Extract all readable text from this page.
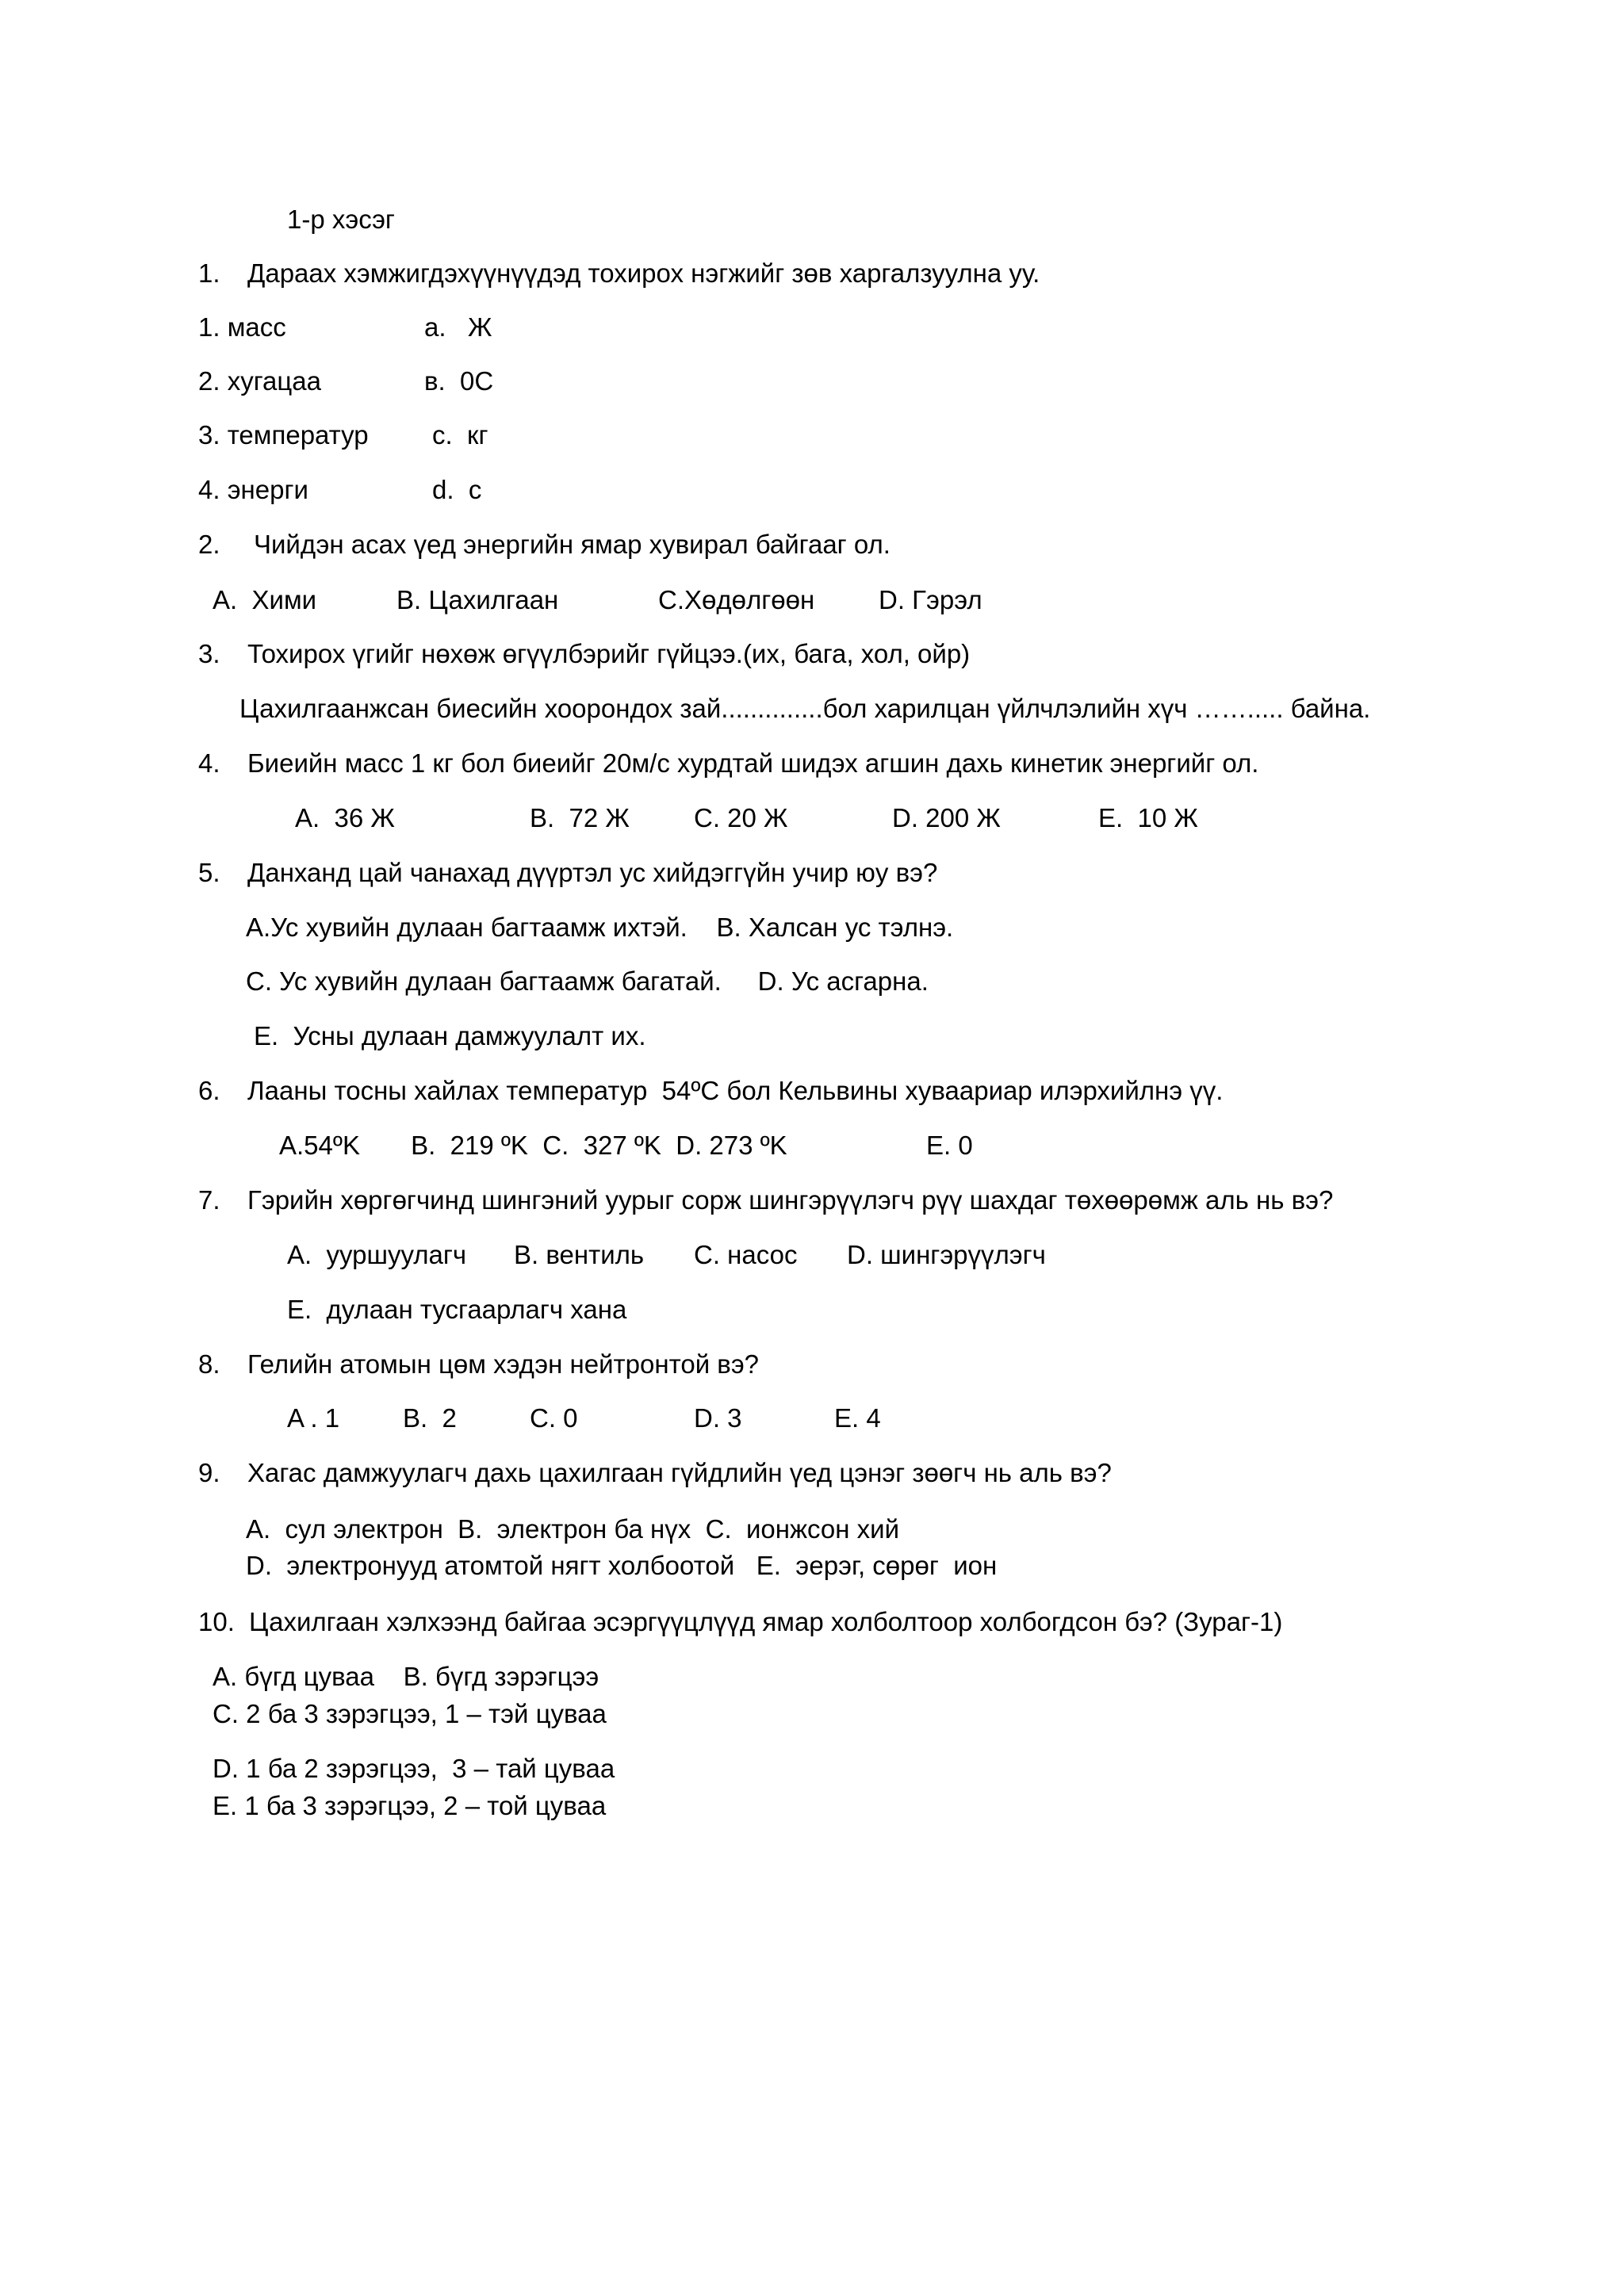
1-р хэсэг
1. Дараах хэмжигдэхүүнүүдэд тохирох нэгжийг зөв харгалзуулна уу.
1. масс	a.   Ж
2. хугацаа	в.  0С
3. температур c.  кг
4. энерги	d.  с
2. Чийдэн асах үед энергийн ямар хувирал байгааг ол.
A.  Хими	B. Цахилгаан	C.Хөдөлгөөн D. Гэрэл
3. Тохирох үгийг нөхөж өгүүлбэрийг гүйцээ.(их, бага, хол, ойр)
Цахилгаанжсан биесийн хоорондох зай..............бол харилцан үйлчлэлийн хүч ……..... байна.
4. Биеийн масс 1 кг бол биеийг 20м/с хурдтай шидэх агшин дахь кинетик энергийг ол.
A.  36 Ж	B.  72 Ж C. 20 Ж	D. 200 Ж	E.  10 Ж
5. Данханд цай чанахад дүүртэл ус хийдэггүйн учир юу вэ?
A.Ус хувийн дулаан багтаамж ихтэй.    B. Халсан ус тэлнэ.
C. Ус хувийн дулаан багтаамж багатай.     D. Ус асгарна.
E.  Усны дулаан дамжуулалт их.
6. Лааны тосны хайлах температур  54ºC бол Кельвины хуваариар илэрхийлнэ үү.
A.54ºK       B.  219 ºK  C.  327 ºK  D. 273 ºK	E. 0
7. Гэрийн хөргөгчинд шингэний уурыг сорж шингэрүүлэгч рүү шахдаг төхөөрөмж аль нь вэ?
A.  ууршуулагч B. вентиль C. насос D. шингэрүүлэгч
E.  дулаан тусгаарлагч хана
8. Гелийн атомын цөм хэдэн нейтронтой вэ?
A . 1 B.  2	C. 0	D. 3	E. 4
9. Хагас дамжуулагч дахь цахилгаан гүйдлийн үед цэнэг зөөгч нь аль вэ?
A.  сул электрон  B.  электрон ба нүх  C.  ионжсон хий
D.  электронууд атомтой нягт холбоотой   E.  эерэг, сөрөг  ион
10. Цахилгаан хэлхээнд байгаа эсэргүүцлүүд ямар холболтоор холбогдсон бэ? (Зураг-1)
A. бүгд цуваа    B. бүгд зэрэгцээ
C. 2 ба 3 зэрэгцээ, 1 – тэй цуваа
D. 1 ба 2 зэрэгцээ,  3 – тай цуваа
E. 1 ба 3 зэрэгцээ, 2 – той цуваа
